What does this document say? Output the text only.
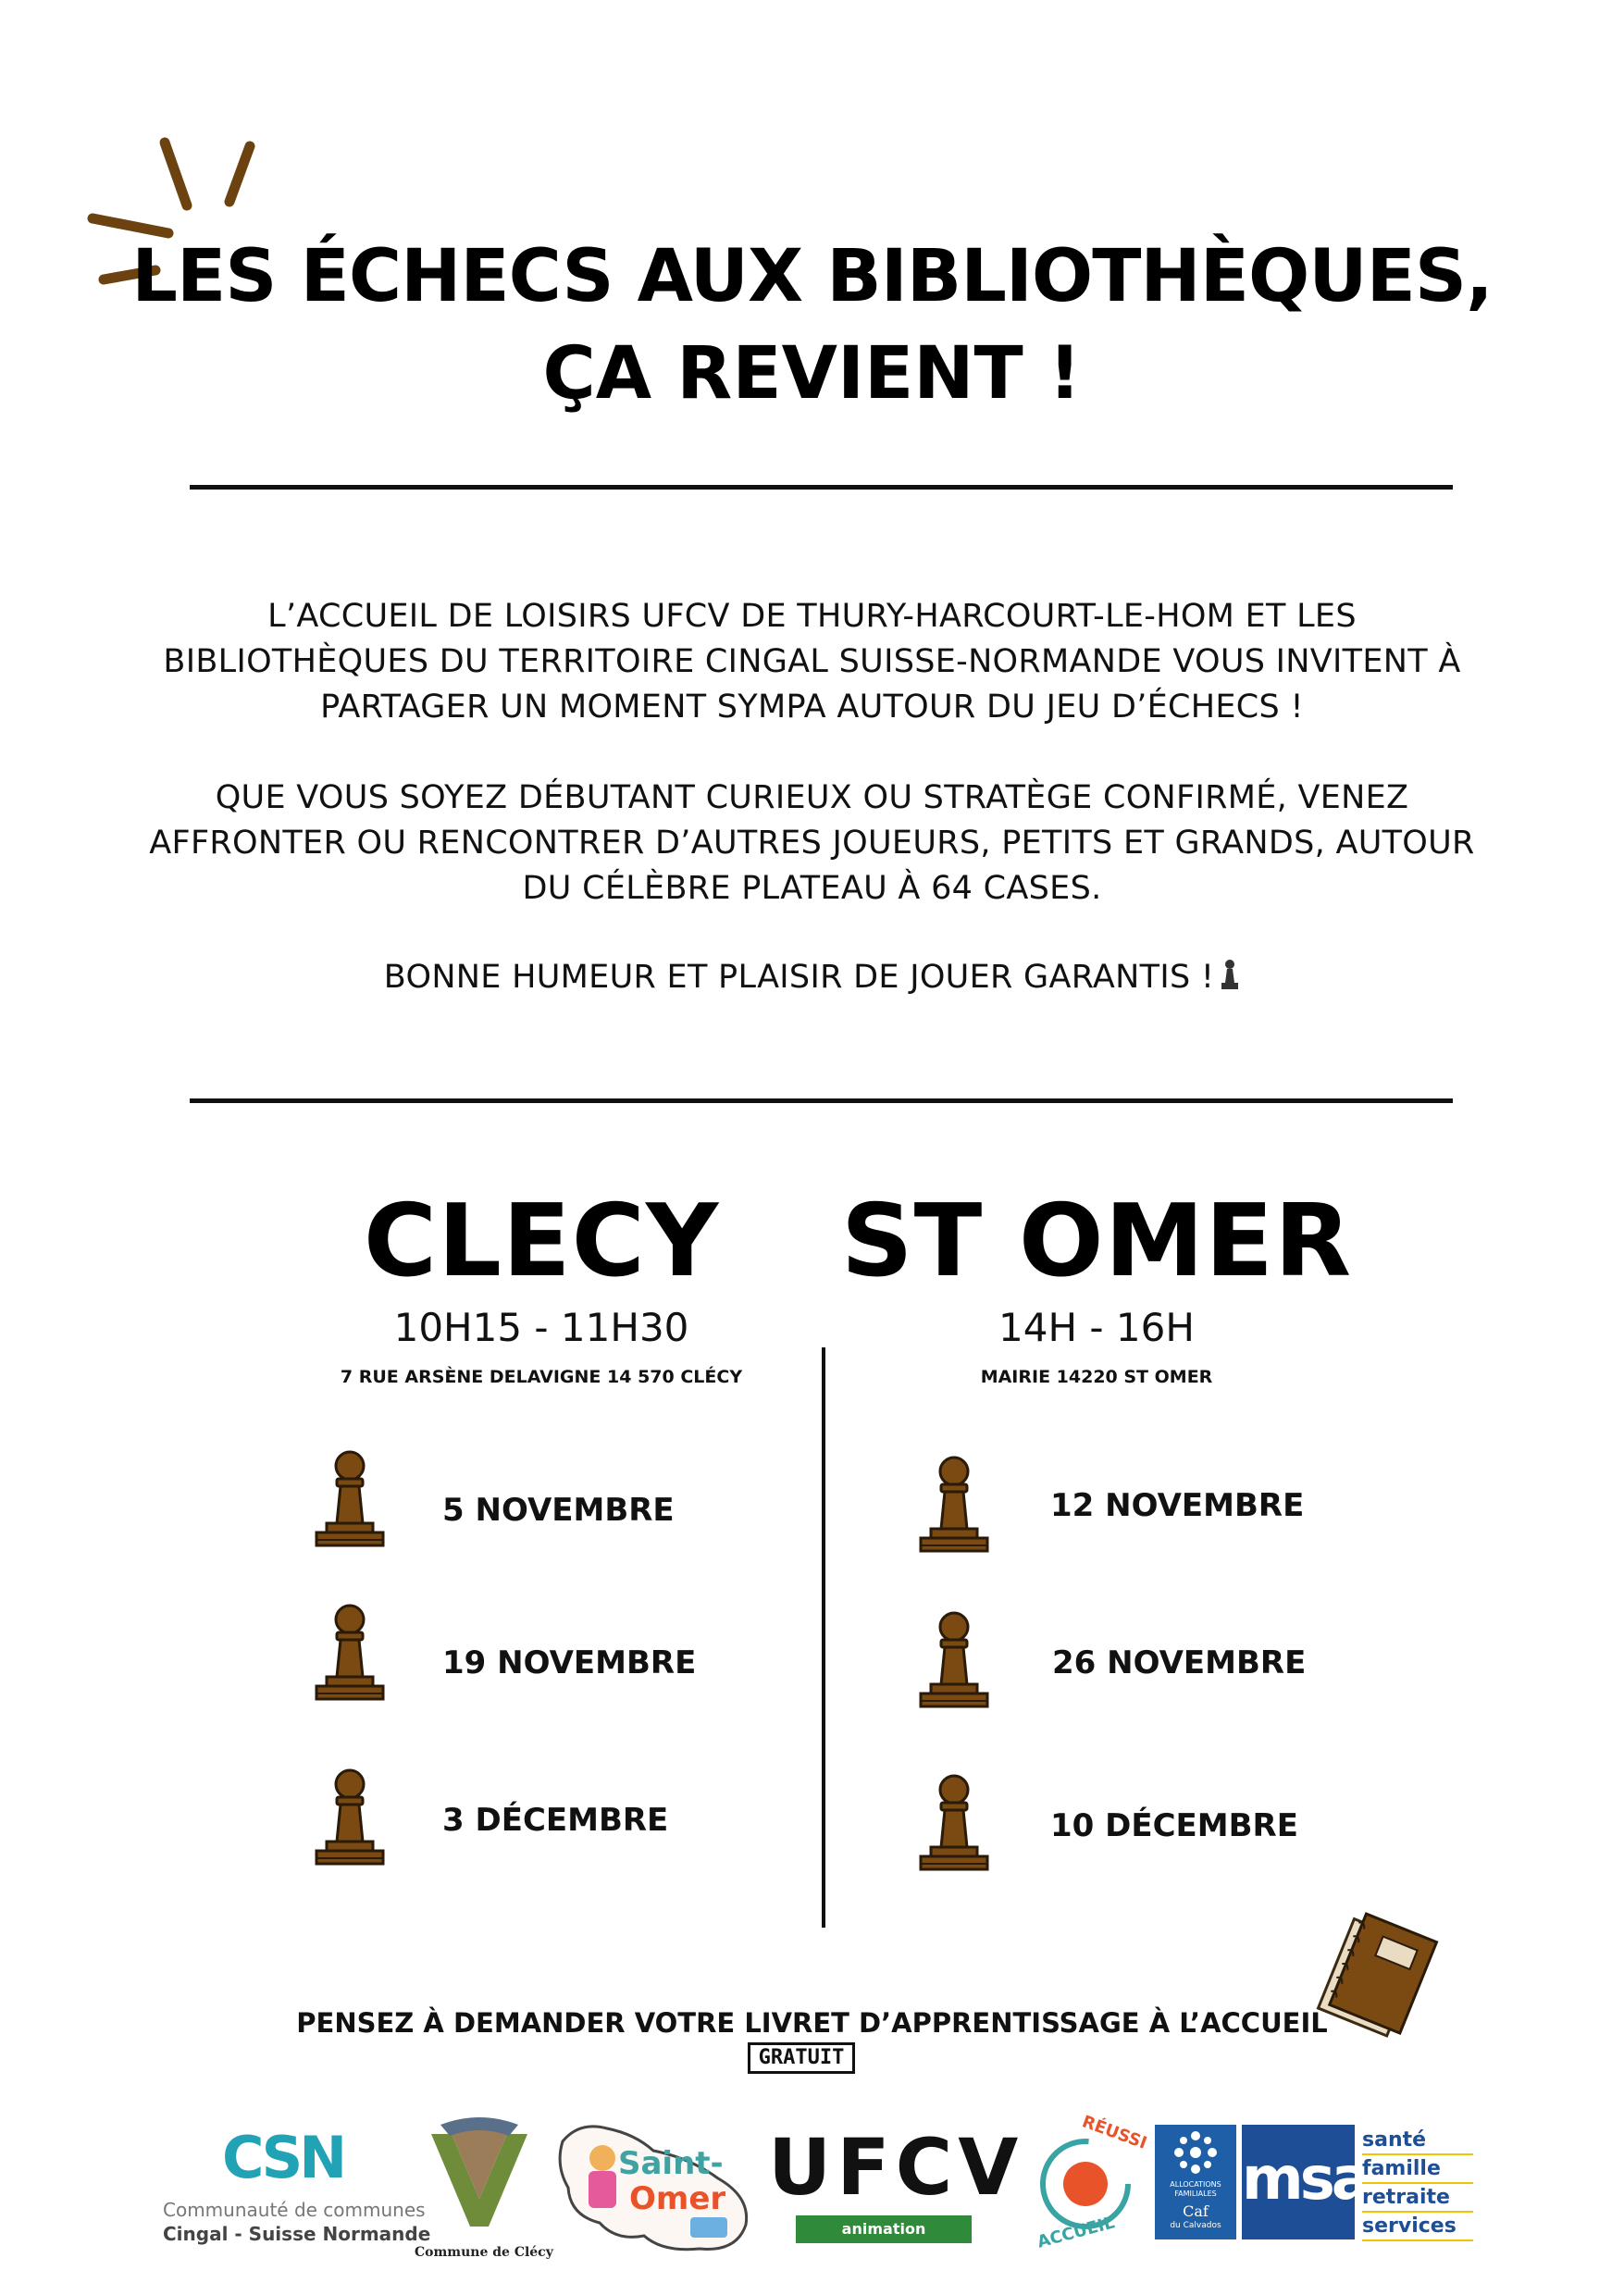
LES ÉCHECS AUX BIBLIOTHÈQUES,
ÇA REVIENT !
L’ACCUEIL DE LOISIRS UFCV DE THURY-HARCOURT-LE-HOM ET LES BIBLIOTHÈQUES DU TERRITOIRE CINGAL SUISSE-NORMANDE VOUS INVITENT À PARTAGER UN MOMENT SYMPA AUTOUR DU JEU D’ÉCHECS !
QUE VOUS SOYEZ DÉBUTANT CURIEUX OU STRATÈGE CONFIRMÉ, VENEZ AFFRONTER OU RENCONTRER D’AUTRES JOUEURS, PETITS ET GRANDS, AUTOUR DU CÉLÈBRE PLATEAU À 64 CASES.
BONNE HUMEUR ET PLAISIR DE JOUER GARANTIS !
CLECY
10H15 - 11H30
7 RUE ARSÈNE DELAVIGNE 14 570 CLÉCY
5 NOVEMBRE
19 NOVEMBRE
3 DÉCEMBRE
ST OMER
14H - 16H
MAIRIE 14220 ST OMER
12 NOVEMBRE
26 NOVEMBRE
10 DÉCEMBRE
PENSEZ À DEMANDER VOTRE LIVRET D’APPRENTISSAGE À L’ACCUEIL
GRATUIT
CSN
Communauté de communes
Cingal - Suisse Normande
Commune de Clécy
Saint-
Omer UFCV
animation territoriale
RÉUSSI
ACCUEIL
ALLOCATIONS
FAMILIALES
Caf
du Calvados
msa
santé
famille
retraite
services
